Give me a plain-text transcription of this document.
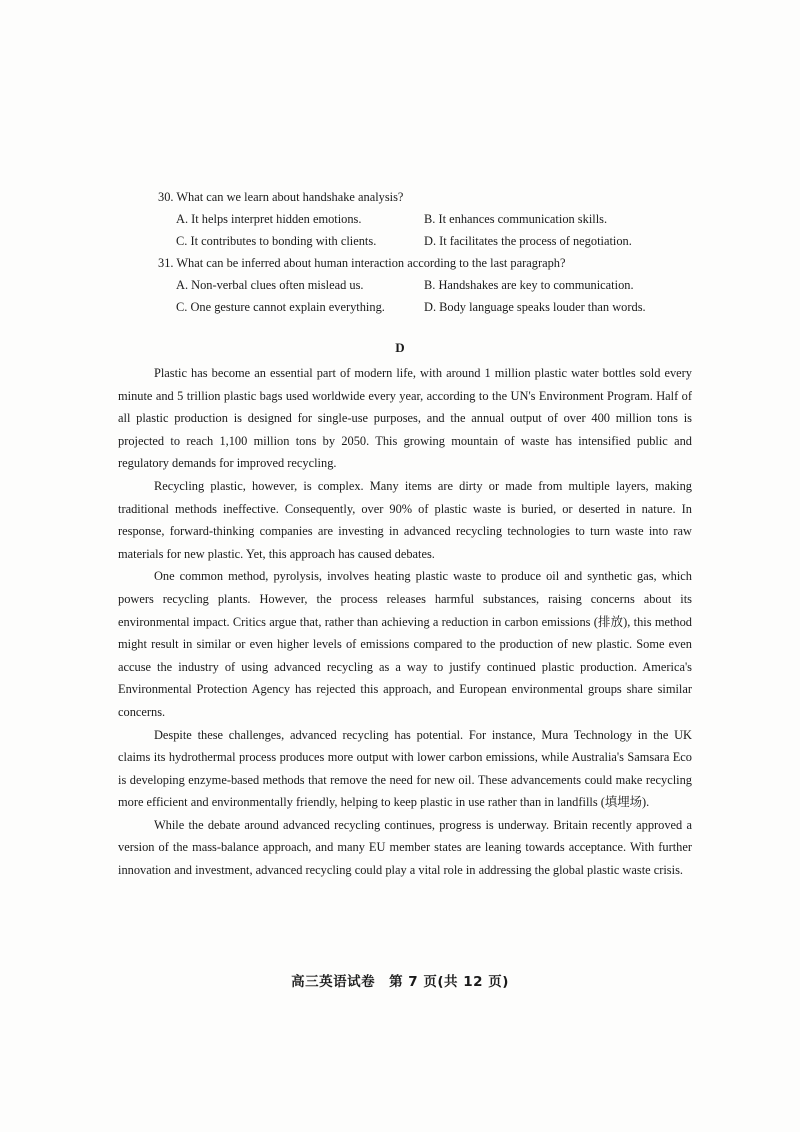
30. What can we learn about handshake analysis?
A. It helps interpret hidden emotions.	B. It enhances communication skills.
C. It contributes to bonding with clients.	D. It facilitates the process of negotiation.
31. What can be inferred about human interaction according to the last paragraph?
A. Non-verbal clues often mislead us.	B. Handshakes are key to communication.
C. One gesture cannot explain everything.	D. Body language speaks louder than words.
D

Plastic has become an essential part of modern life, with around 1 million plastic water bottles sold every minute and 5 trillion plastic bags used worldwide every year, according to the UN's Environment Program. Half of all plastic production is designed for single-use purposes, and the annual output of over 400 million tons is projected to reach 1,100 million tons by 2050. This growing mountain of waste has intensified public and regulatory demands for improved recycling.

Recycling plastic, however, is complex. Many items are dirty or made from multiple layers, making traditional methods ineffective. Consequently, over 90% of plastic waste is buried, or deserted in nature. In response, forward-thinking companies are investing in advanced recycling technologies to turn waste into raw materials for new plastic. Yet, this approach has caused debates.

One common method, pyrolysis, involves heating plastic waste to produce oil and synthetic gas, which powers recycling plants. However, the process releases harmful substances, raising concerns about its environmental impact. Critics argue that, rather than achieving a reduction in carbon emissions (排放), this method might result in similar or even higher levels of emissions compared to the production of new plastic. Some even accuse the industry of using advanced recycling as a way to justify continued plastic production. America's Environmental Protection Agency has rejected this approach, and European environmental groups share similar concerns.

Despite these challenges, advanced recycling has potential. For instance, Mura Technology in the UK claims its hydrothermal process produces more output with lower carbon emissions, while Australia's Samsara Eco is developing enzyme-based methods that remove the need for new oil. These advancements could make recycling more efficient and environmentally friendly, helping to keep plastic in use rather than in landfills (填埋场).

While the debate around advanced recycling continues, progress is underway. Britain recently approved a version of the mass-balance approach, and many EU member states are leaning towards acceptance. With further innovation and investment, advanced recycling could play a vital role in addressing the global plastic waste crisis.

高三英语试卷　第 7 页(共 12 页)
